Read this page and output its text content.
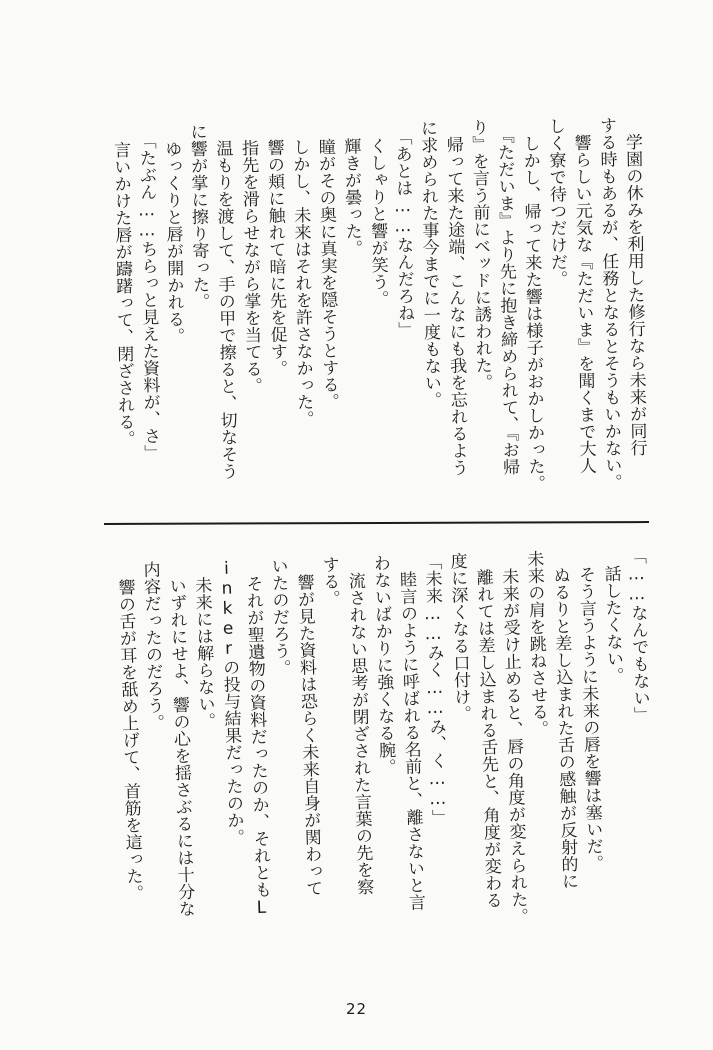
　学園の休みを利用した修行なら未来が同行

する時もあるが、任務となるとそうもいかない。

　響らしい元気な『ただいま』を聞くまで大人

しく寮で待つだけだ。

　しかし、帰って来た響は様子がおかしかった。

　『ただいま』より先に抱き締められて、『お帰

り』を言う前にベッドに誘われた。

　帰って来た途端、こんなにも我を忘れるよう

に求められた事今までに一度もない。

　「あとは……なんだろね」

　くしゃりと響が笑う。

　輝きが曇った。

　瞳がその奥に真実を隠そうとする。

　しかし、未来はそれを許さなかった。

　響の頬に触れて暗に先を促す。

　指先を滑らせながら掌を当てる。

　温もりを渡して、手の甲で擦ると、切なそう

に響が掌に擦り寄った。

　ゆっくりと唇が開かれる。

　「たぶん……ちらっと見えた資料が、さ」

　言いかけた唇が躊躇って、閉ざされる。

「……なんでもない」

　話したくない。

　そう言うように未来の唇を響は塞いだ。

　ぬるりと差し込まれた舌の感触が反射的に

未来の肩を跳ねさせる。

　未来が受け止めると、唇の角度が変えられた。

　離れては差し込まれる舌先と、角度が変わる

度に深くなる口付け。

「未来……みく……み、く……」

　睦言のように呼ばれる名前と、離さないと言

わないばかりに強くなる腕。

　流されない思考が閉ざされた言葉の先を察

する。

　響が見た資料は恐らく未来自身が関わって

いたのだろう。

　それが聖遺物の資料だったのか、それともL

inkerの投与結果だったのか。

　未来には解らない。

　いずれにせよ、響の心を揺さぶるには十分な

内容だったのだろう。

　響の舌が耳を舐め上げて、首筋を這った。

22
